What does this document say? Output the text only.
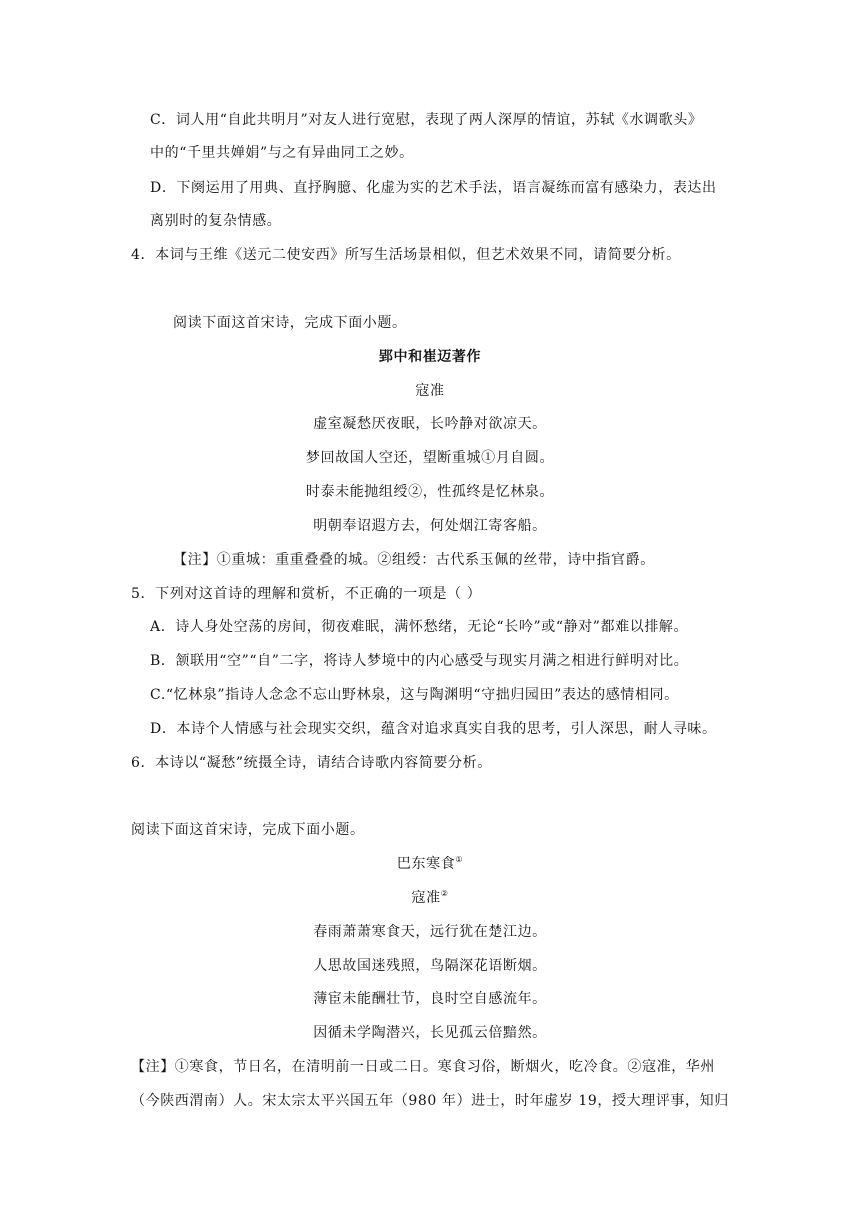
C．词人用“自此共明月”对友人进行宽慰，表现了两人深厚的情谊，苏轼《水调歌头》
中的“千里共婵娟”与之有异曲同工之妙。
D．下阕运用了用典、直抒胸臆、化虚为实的艺术手法，语言凝练而富有感染力，表达出
离别时的复杂情感。
4．本词与王维《送元二使安西》所写生活场景相似，但艺术效果不同，请简要分析。
阅读下面这首宋诗，完成下面小题。
郢中和崔迈著作
寇准
虚室凝愁厌夜眠，长吟静对欲凉天。
梦回故国人空还，望断重城①月自圆。
时泰未能抛组绶②，性孤终是忆林泉。
明朝奉诏遐方去，何处烟江寄客船。
【注】①重城：重重叠叠的城。②组绶：古代系玉佩的丝带，诗中指官爵。
5．下列对这首诗的理解和赏析，不正确的一项是（ ）
A．诗人身处空荡的房间，彻夜难眠，满怀愁绪，无论“长吟”或“静对”都难以排解。
B．颔联用“空”“自”二字，将诗人梦境中的内心感受与现实月满之相进行鲜明对比。
C.“忆林泉”指诗人念念不忘山野林泉，这与陶渊明“守拙归园田”表达的感情相同。
D．本诗个人情感与社会现实交织，蕴含对追求真实自我的思考，引人深思，耐人寻味。
6．本诗以“凝愁”统摄全诗，请结合诗歌内容简要分析。
阅读下面这首宋诗，完成下面小题。
巴东寒食①
寇准②
春雨萧萧寒食天，远行犹在楚江边。
人思故国迷残照，鸟隔深花语断烟。
薄宦未能酬壮节，良时空自感流年。
因循未学陶潜兴，长见孤云倍黯然。
【注】①寒食，节日名，在清明前一日或二日。寒食习俗，断烟火，吃冷食。②寇准，华州
（今陕西渭南）人。宋太宗太平兴国五年（980 年）进士，时年虚岁 19，授大理评事，知归
